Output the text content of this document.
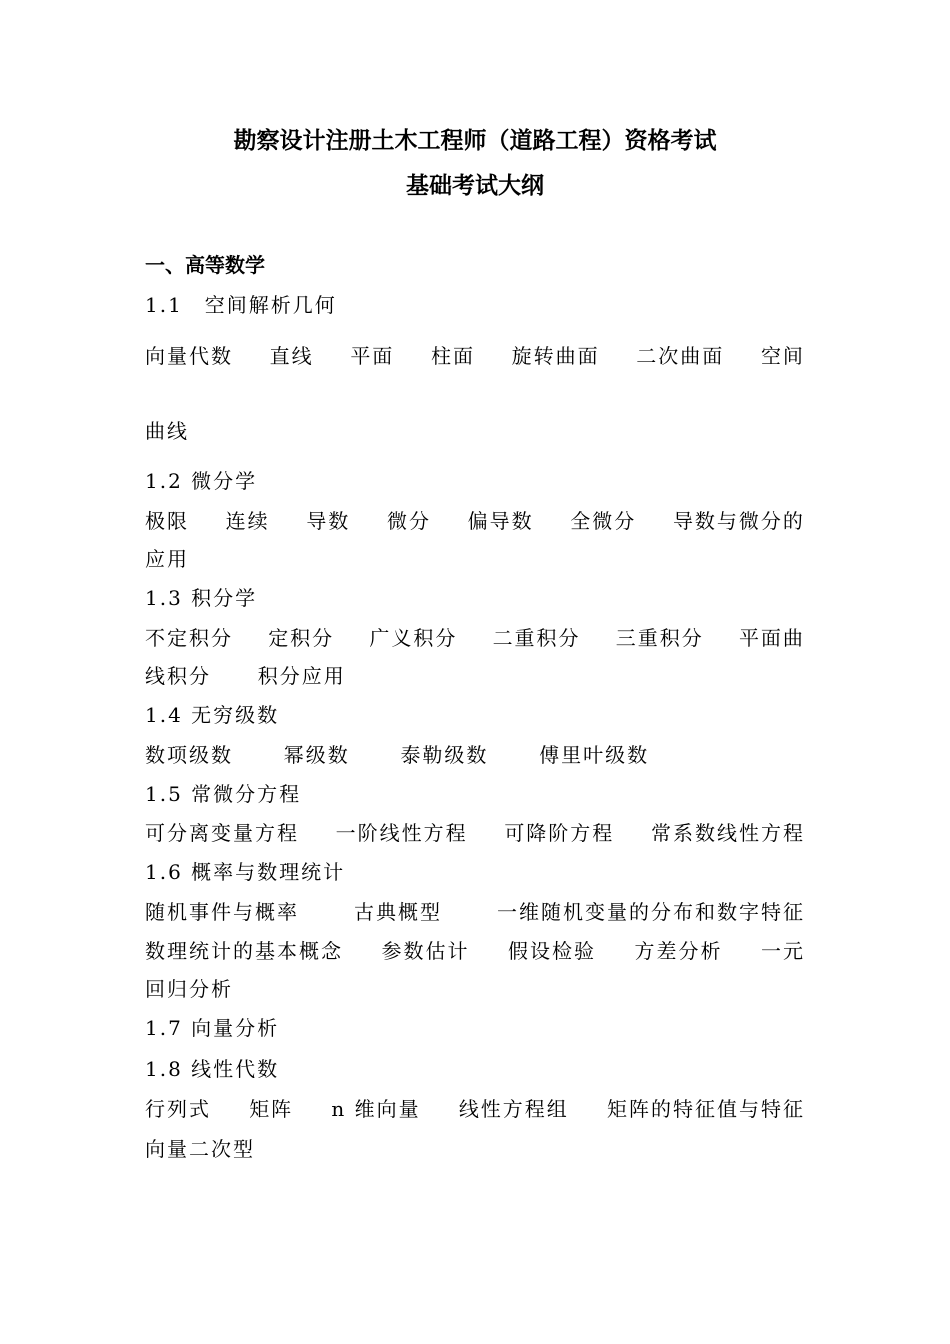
勘察设计注册土木工程师（道路工程）资格考试
基础考试大纲
一、高等数学
1.1　空间解析几何
向量代数 直线 平面 柱面 旋转曲面 二次曲面 空间
曲线
1.2 微分学
极限 连续 导数 微分 偏导数 全微分 导数与微分的
应用
1.3 积分学
不定积分 定积分 广义积分 二重积分 三重积分 平面曲
线积分 积分应用
1.4 无穷级数
数项级数	幂级数	泰勒级数	傅里叶级数
1.5 常微分方程
可分离变量方程 一阶线性方程 可降阶方程 常系数线性方程
1.6 概率与数理统计
随机事件与概率	古典概型	一维随机变量的分布和数字特征
数理统计的基本概念 参数估计 假设检验 方差分析 一元
回归分析
1.7 向量分析
1.8 线性代数
行列式 矩阵 n 维向量 线性方程组 矩阵的特征值与特征
向量二次型
